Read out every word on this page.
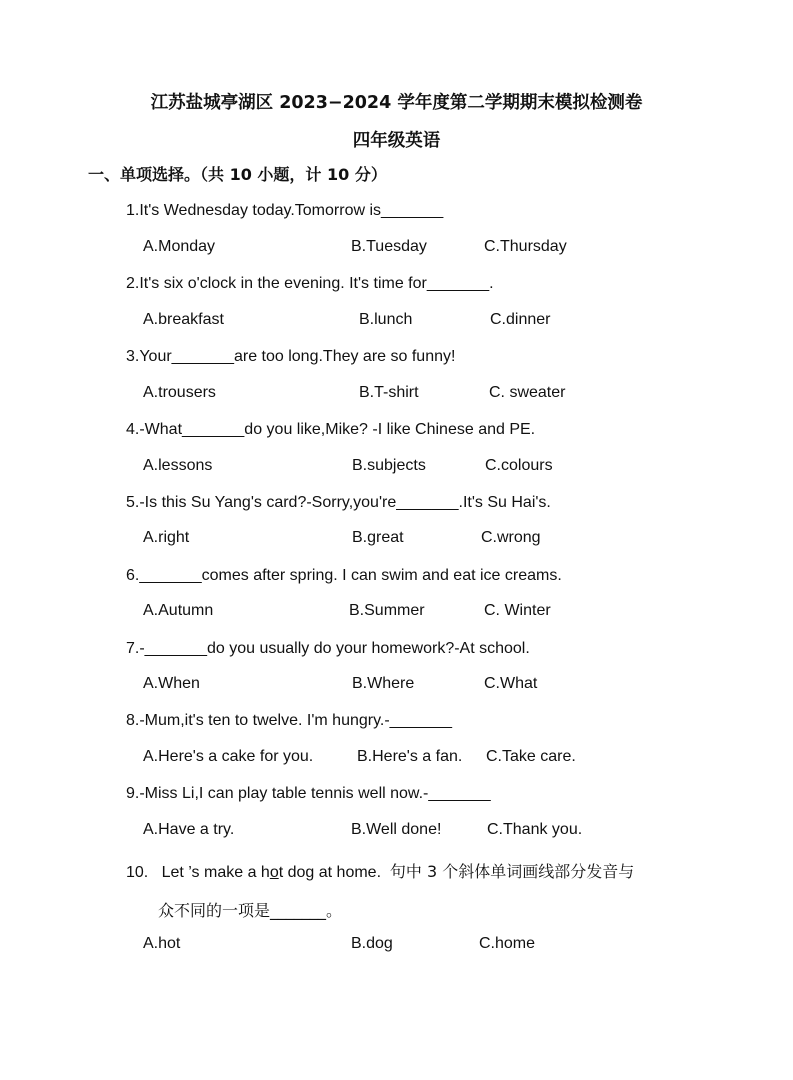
江苏盐城亭湖区 2023−2024 学年度第二学期期末模拟检测卷
四年级英语
一、单项选择。（共 10 小题，计 10 分）
1.It's Wednesday today.Tomorrow is_______
A.Monday	B.Tuesday	C.Thursday
2.It's six o'clock in the evening. It's time for_______.
A.breakfast	B.lunch	C.dinner
3.Your_______are too long.They are so funny!
A.trousers	B.T-shirt	C. sweater
4.-What_______do you like,Mike? -I like Chinese and PE.
A.lessons	B.subjects	C.colours
5.-Is this Su Yang's card?-Sorry,you're_______.It's Su Hai's.
A.right	B.great	C.wrong
6._______comes after spring. I can swim and eat ice creams.
A.Autumn	B.Summer	C. Winter
7.-_______do you usually do your homework?-At school.
A.When	B.Where	C.What
8.-Mum,it's ten to twelve. I'm hungry.-_______
A.Here's a cake for you.	B.Here's a fan. C.Take care.
9.-Miss Li,I can play table tennis well now.-_______
A.Have a try.	B.Well done!	C.Thank you.
10. Let ’s make a hot dog at home. 句中 3 个斜体单词画线部分发音与
众不同的一项是_______。
A.hot	B.dog	C.home
